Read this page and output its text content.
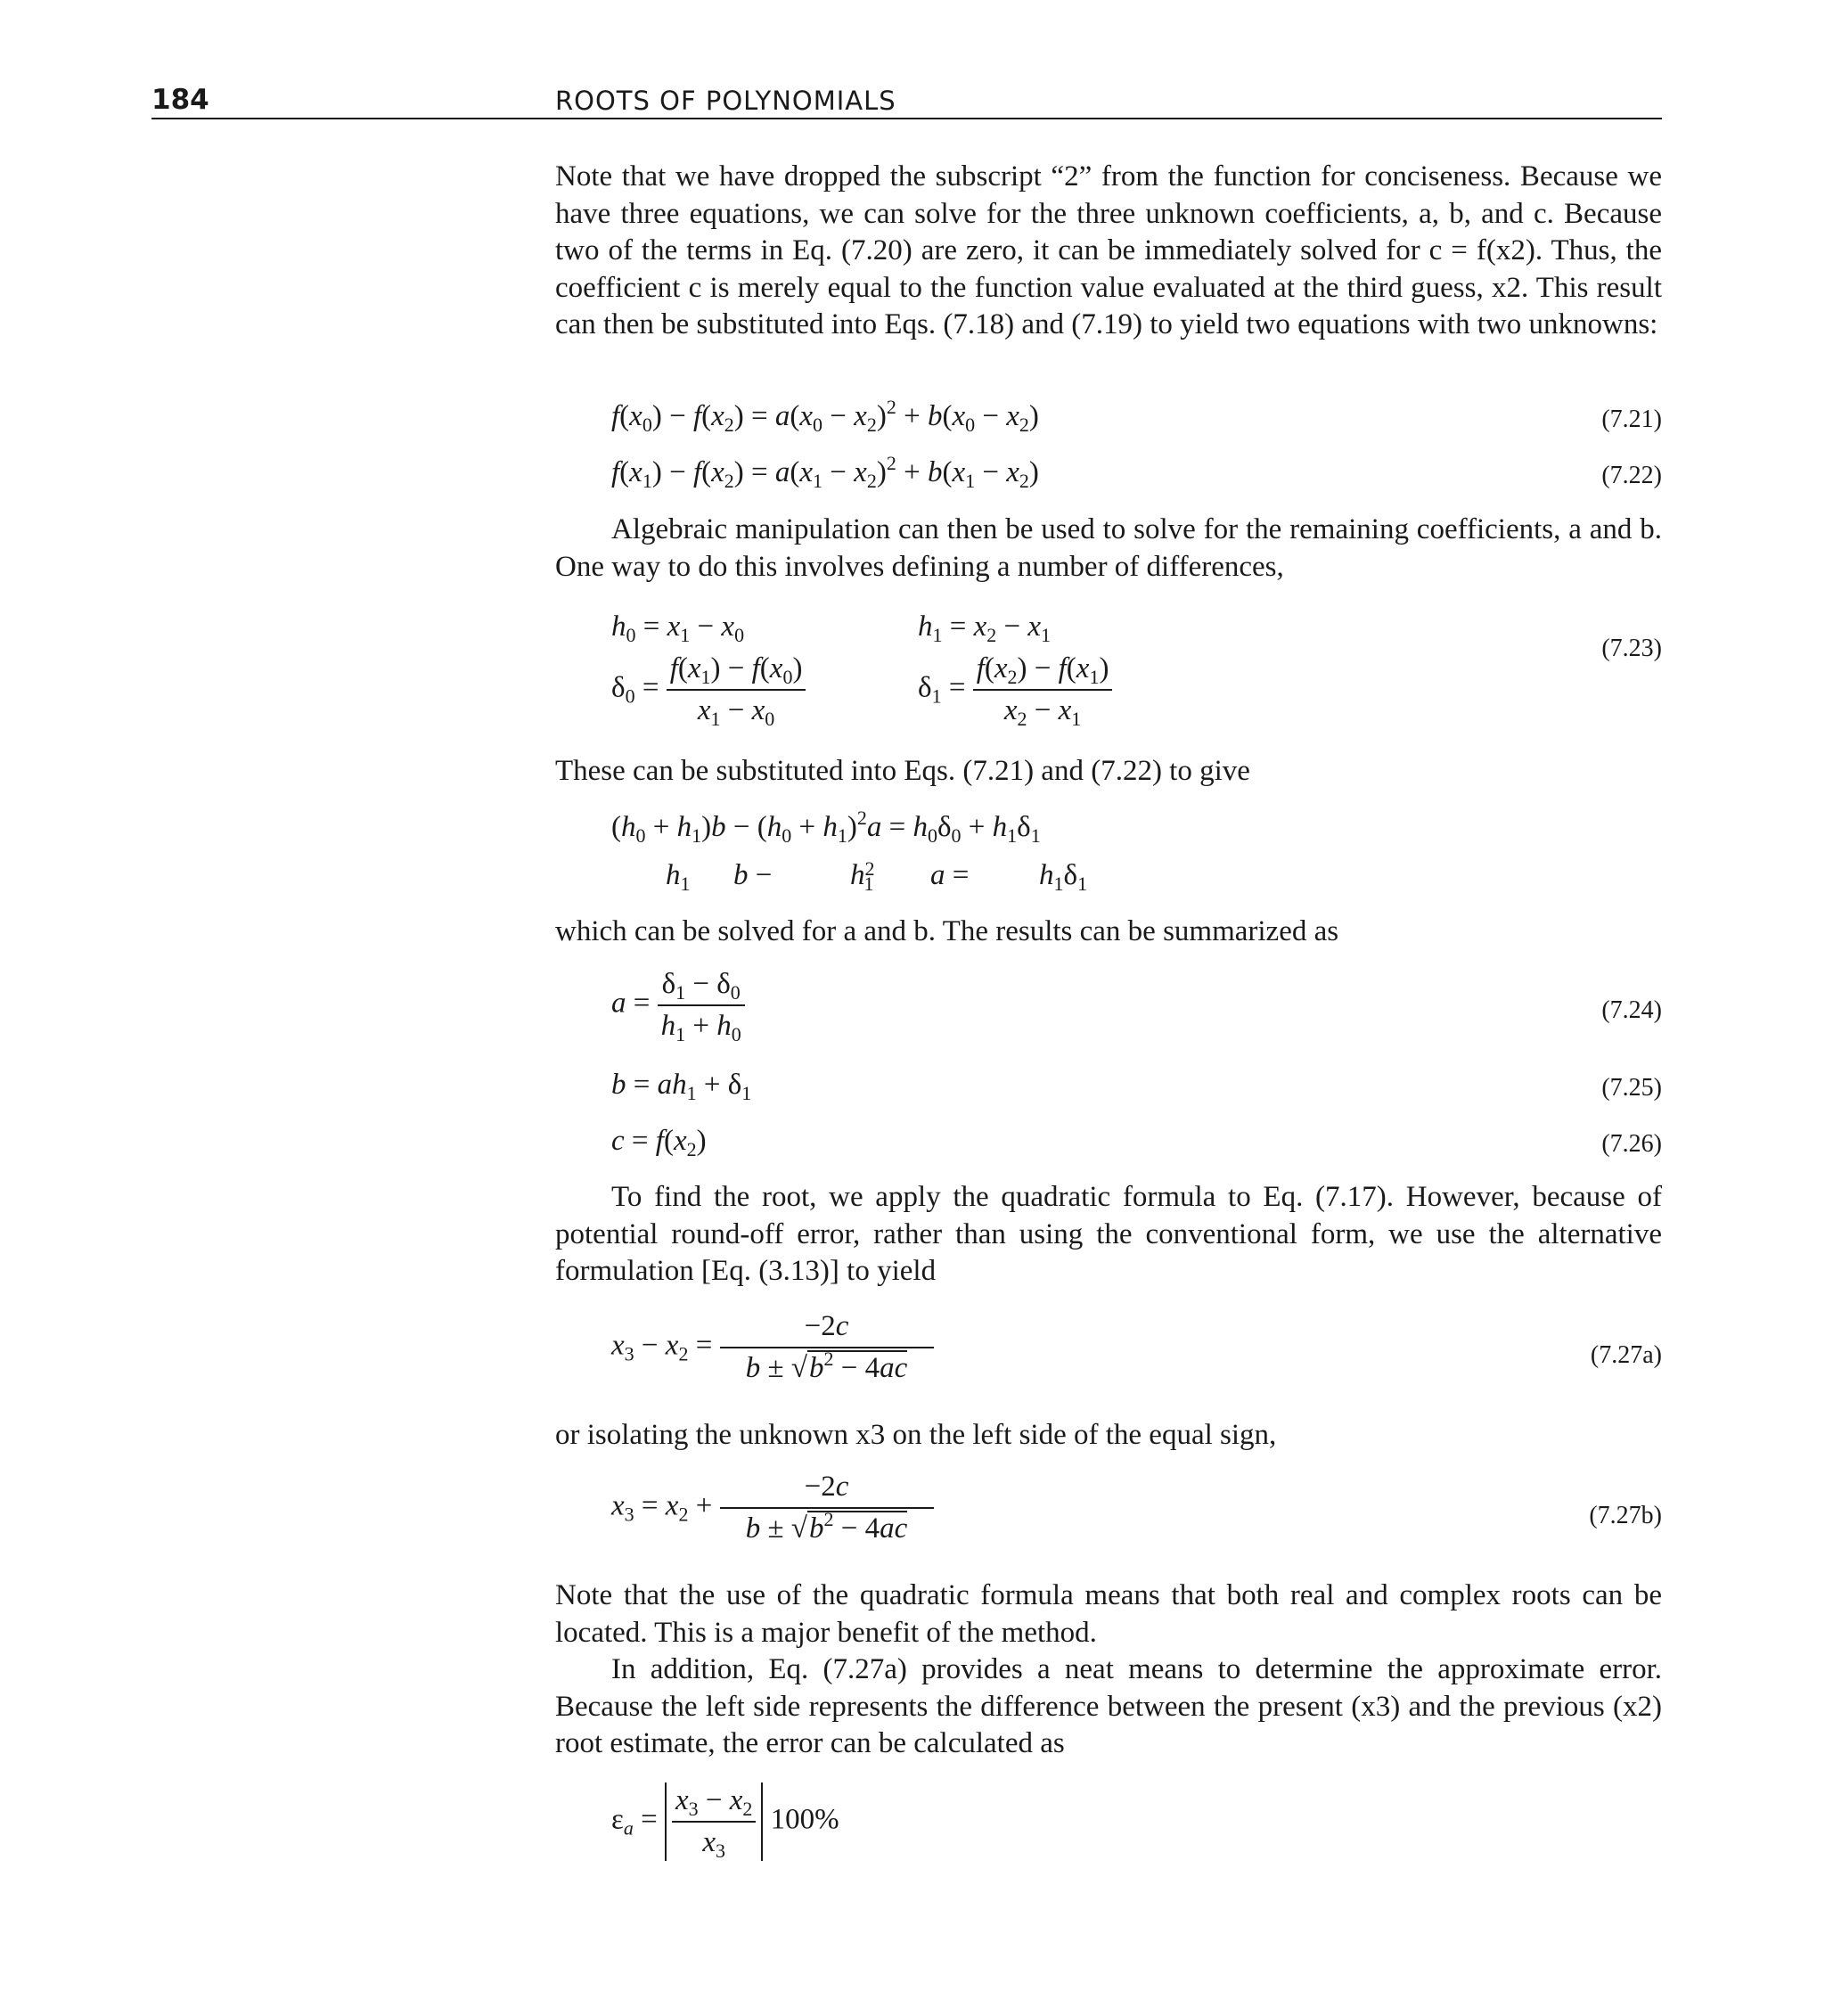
184	ROOTS OF POLYNOMIALS

Note that we have dropped the subscript “2” from the function for conciseness. Because we have three equations, we can solve for the three unknown coefficients, a, b, and c. Because two of the terms in Eq. (7.20) are zero, it can be immediately solved for c = f(x2). Thus, the coefficient c is merely equal to the function value evaluated at the third guess, x2. This result can then be substituted into Eqs. (7.18) and (7.19) to yield two equations with two unknowns:

$f(x_0) - f(x_2) = a(x_0 - x_2)^2 + b(x_0 - x_2)$	(7.21)
$f(x_1) - f(x_2) = a(x_1 - x_2)^2 + b(x_1 - x_2)$	(7.22)

Algebraic manipulation can then be used to solve for the remaining coefficients, a and b. One way to do this involves defining a number of differences,

$h_0 = x_1 - x_0$	$h_1 = x_2 - x_1$
$\delta_0 = \frac{f(x_1) - f(x_0)}{x_1 - x_0}$	$\delta_1 = \frac{f(x_2) - f(x_1)}{x_2 - x_1}$
(7.23)

These can be substituted into Eqs. (7.21) and (7.22) to give

$(h_0 + h_1)b - (h_0 + h_1)^2a = h_0\delta_0 + h_1\delta_1$
$h_1$ b −	$h^2_1$ $a = h_1\delta_1$

which can be solved for a and b. The results can be summarized as

$a = \frac{\delta_1 - \delta_0}{h_1 + h_0}$	(7.24)
$b = ah_1 + \delta_1$	(7.25)
$c = f(x_2)$	(7.26)

To find the root, we apply the quadratic formula to Eq. (7.17). However, because of potential round-off error, rather than using the conventional form, we use the alternative formulation [Eq. (3.13)] to yield

$x_3 - x_2 = \frac{-2c}{b \pm √b^2 - 4ac}$	(7.27a)

or isolating the unknown x3 on the left side of the equal sign,

$x_3 = x_2 + \frac{-2c}{b \pm √b^2 - 4ac}$	(7.27b)

Note that the use of the quadratic formula means that both real and complex roots can be located. This is a major benefit of the method.

In addition, Eq. (7.27a) provides a neat means to determine the approximate error. Because the left side represents the difference between the present (x3) and the previous (x2) root estimate, the error can be calculated as

$\varepsilon_a = \frac{x_3 - x_2}{x_3} 100\%$
